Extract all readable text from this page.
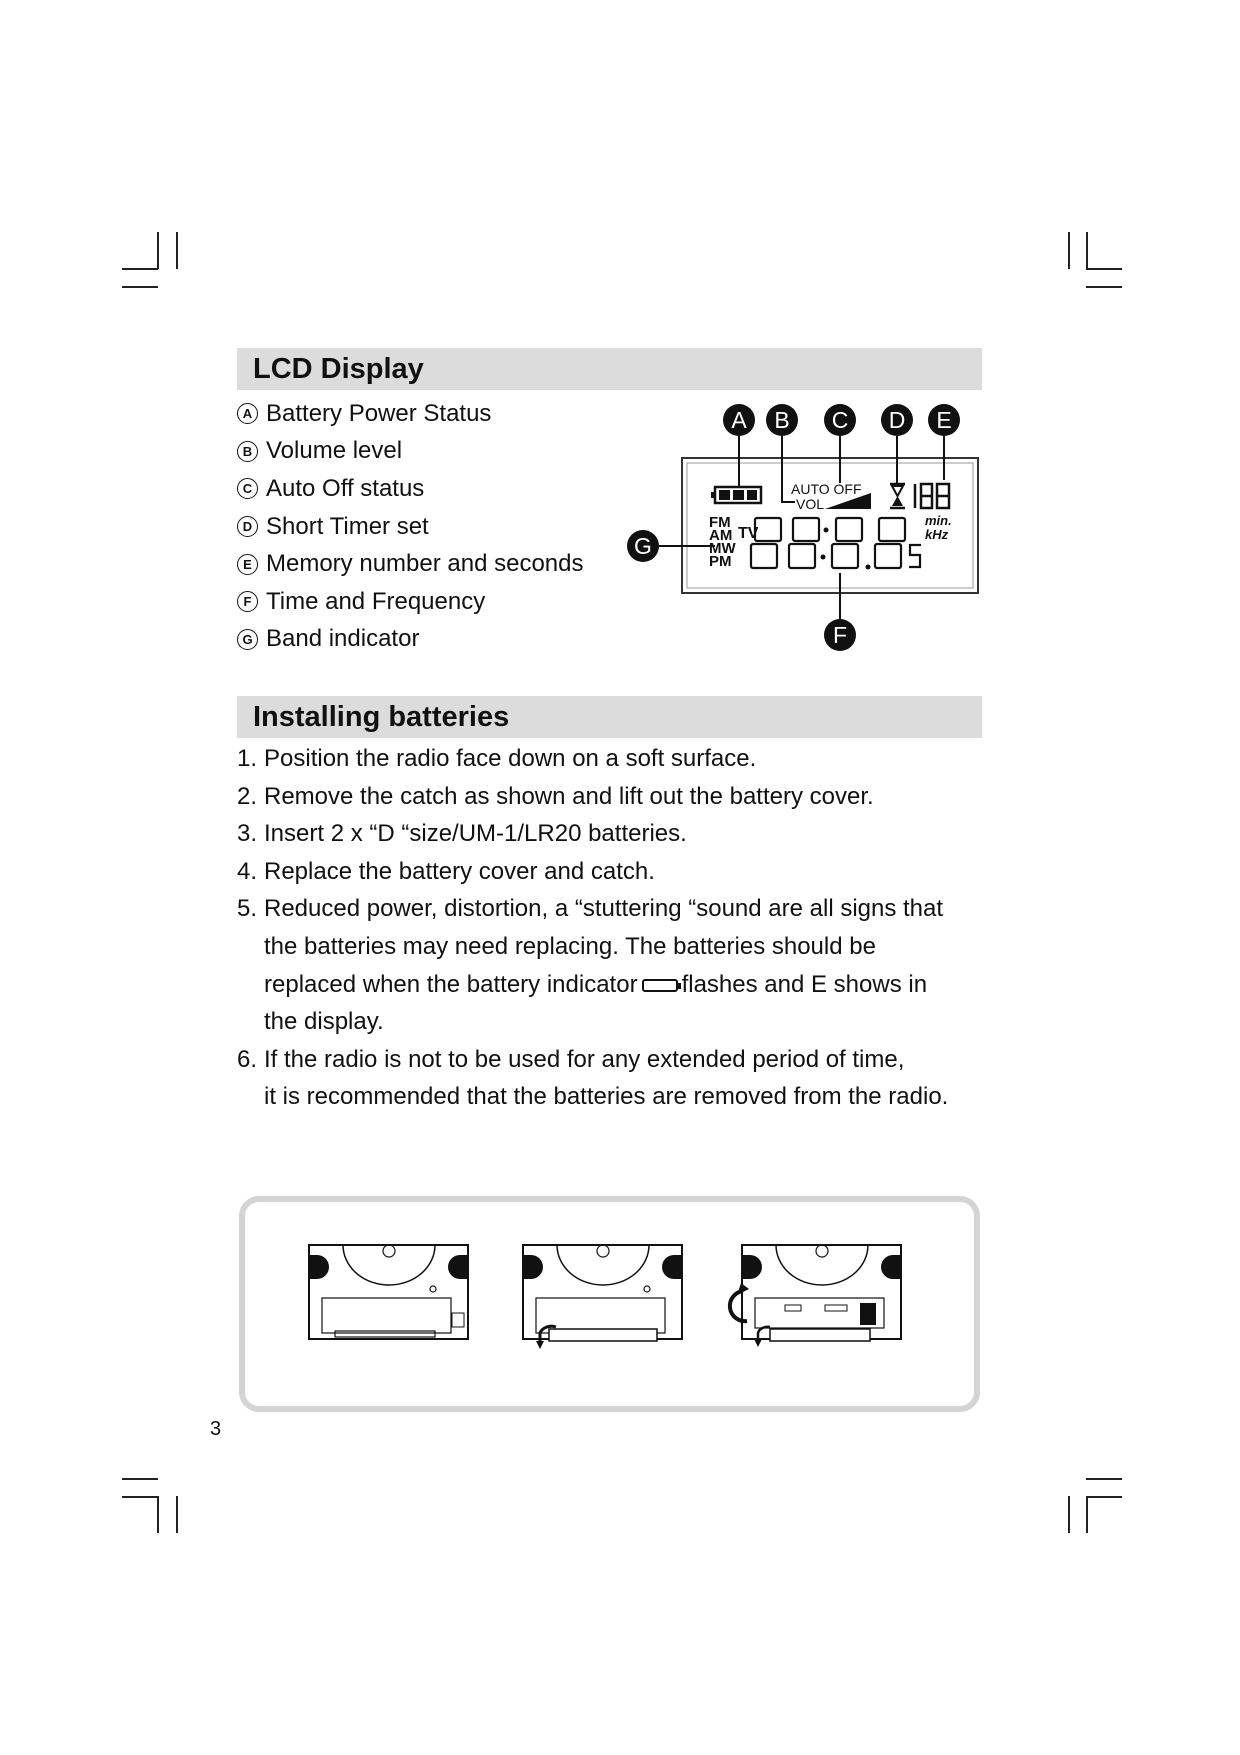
LCD Display
A Battery Power Status
B Volume level
C Auto Off status
D Short Timer set
E Memory number and seconds
F Time and Frequency
G Band indicator
A B C D E
G
F
AUTO OFF
VOL
FM
AM
MW
PM
TV
min.
kHz
Installing batteries
1. Position the radio face down on a soft surface.
2. Remove the catch as shown and lift out the battery cover.
3. Insert 2 x “D “size/UM-1/LR20 batteries.
4. Replace the battery cover and catch.
5. Reduced power, distortion, a “stuttering “sound are all signs that
the batteries may need replacing. The batteries should be
replaced when the battery indicator flashes and E shows in
the display.
6. If the radio is not to be used for any extended period of time,
it is recommended that the batteries are removed from the radio.
3
